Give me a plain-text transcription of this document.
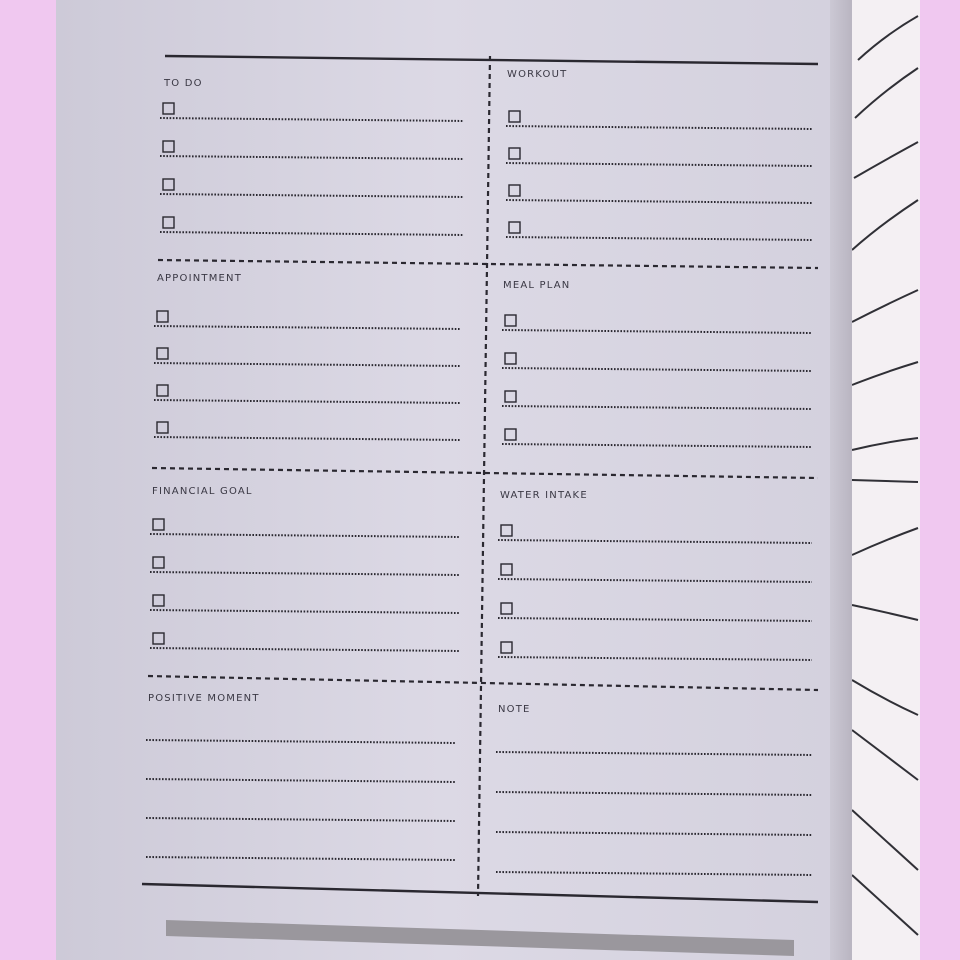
TO DO
WORKOUT
APPOINTMENT
MEAL PLAN
FINANCIAL GOAL	WATER INTAKE
POSITIVE MOMENT
NOTE
